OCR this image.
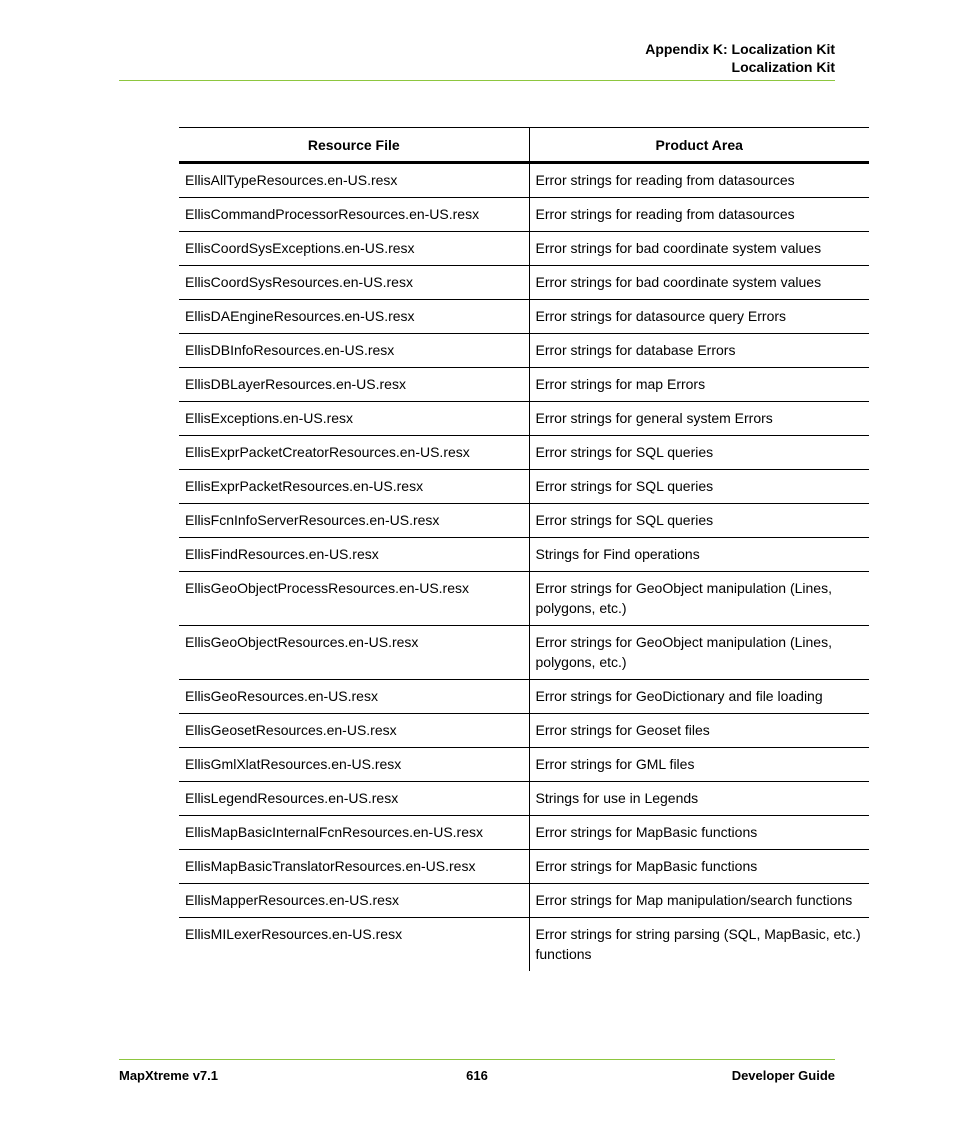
Appendix K: Localization Kit
Localization Kit
Resource File	Product Area
EllisAllTypeResources.en-US.resx	Error strings for reading from datasources
EllisCommandProcessorResources.en-US.resx	Error strings for reading from datasources
EllisCoordSysExceptions.en-US.resx	Error strings for bad coordinate system values
EllisCoordSysResources.en-US.resx	Error strings for bad coordinate system values
EllisDAEngineResources.en-US.resx	Error strings for datasource query Errors
EllisDBInfoResources.en-US.resx	Error strings for database Errors
EllisDBLayerResources.en-US.resx	Error strings for map Errors
EllisExceptions.en-US.resx	Error strings for general system Errors
EllisExprPacketCreatorResources.en-US.resx	Error strings for SQL queries
EllisExprPacketResources.en-US.resx	Error strings for SQL queries
EllisFcnInfoServerResources.en-US.resx	Error strings for SQL queries
EllisFindResources.en-US.resx	Strings for Find operations
EllisGeoObjectProcessResources.en-US.resx	Error strings for GeoObject manipulation (Lines, polygons, etc.)
EllisGeoObjectResources.en-US.resx	Error strings for GeoObject manipulation (Lines, polygons, etc.)
EllisGeoResources.en-US.resx	Error strings for GeoDictionary and file loading
EllisGeosetResources.en-US.resx	Error strings for Geoset files
EllisGmlXlatResources.en-US.resx	Error strings for GML files
EllisLegendResources.en-US.resx	Strings for use in Legends
EllisMapBasicInternalFcnResources.en-US.resx	Error strings for MapBasic functions
EllisMapBasicTranslatorResources.en-US.resx	Error strings for MapBasic functions
EllisMapperResources.en-US.resx	Error strings for Map manipulation/search functions
EllisMILexerResources.en-US.resx	Error strings for string parsing (SQL, MapBasic, etc.) functions
MapXtreme v7.1	616	Developer Guide
